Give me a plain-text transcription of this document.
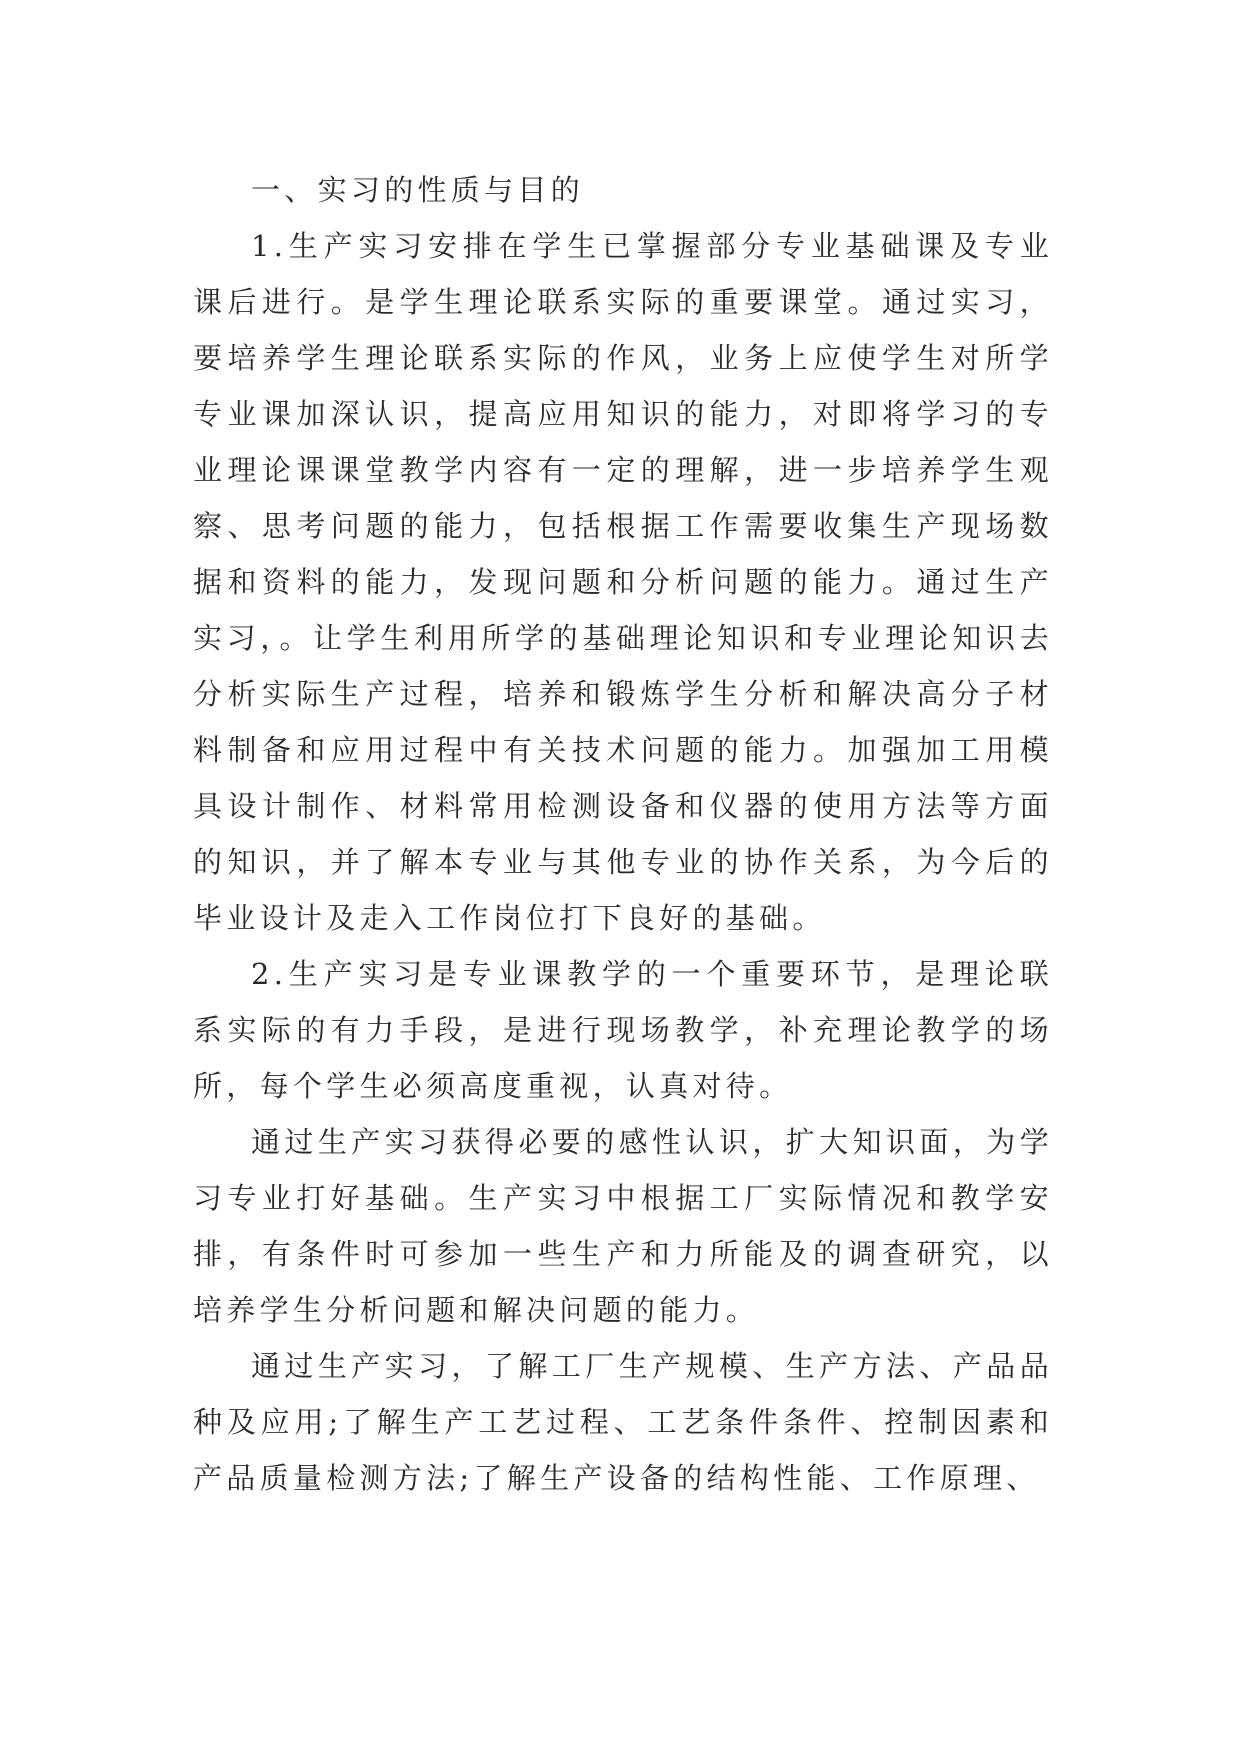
一、实习的性质与目的

1.生产实习安排在学生已掌握部分专业基础课及专业课后进行。是学生理论联系实际的重要课堂。通过实习，要培养学生理论联系实际的作风，业务上应使学生对所学专业课加深认识，提高应用知识的能力，对即将学习的专业理论课课堂教学内容有一定的理解，进一步培养学生观察、思考问题的能力，包括根据工作需要收集生产现场数据和资料的能力，发现问题和分析问题的能力。通过生产实习，。让学生利用所学的基础理论知识和专业理论知识去分析实际生产过程，培养和锻炼学生分析和解决高分子材料制备和应用过程中有关技术问题的能力。加强加工用模具设计制作、材料常用检测设备和仪器的使用方法等方面的知识，并了解本专业与其他专业的协作关系，为今后的毕业设计及走入工作岗位打下良好的基础。

2.生产实习是专业课教学的一个重要环节，是理论联系实际的有力手段，是进行现场教学，补充理论教学的场所，每个学生必须高度重视，认真对待。

通过生产实习获得必要的感性认识，扩大知识面，为学习专业打好基础。生产实习中根据工厂实际情况和教学安排，有条件时可参加一些生产和力所能及的调查研究，以培养学生分析问题和解决问题的能力。

通过生产实习，了解工厂生产规模、生产方法、产品品种及应用;了解生产工艺过程、工艺条件条件、控制因素和产品质量检测方法;了解生产设备的结构性能、工作原理、
